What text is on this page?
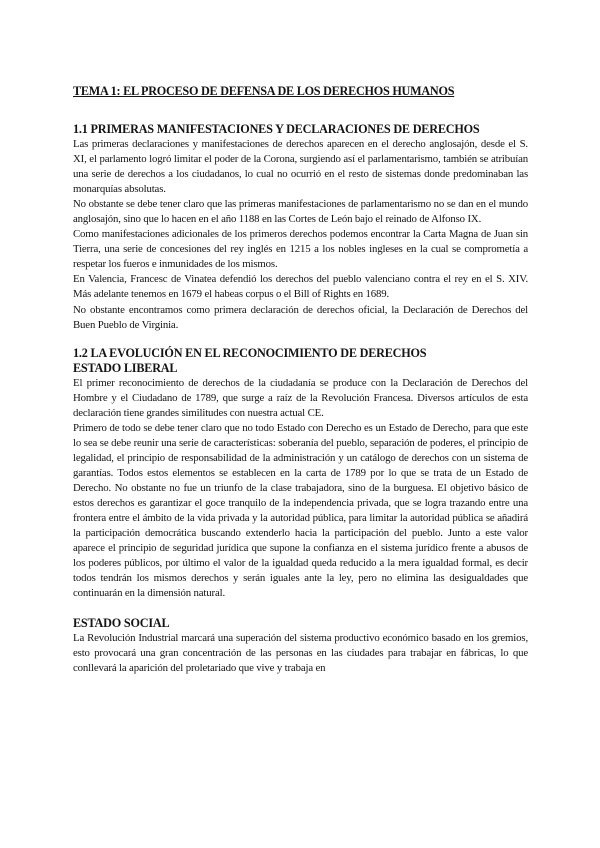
TEMA 1: EL PROCESO DE DEFENSA DE LOS DERECHOS HUMANOS
1.1 PRIMERAS MANIFESTACIONES Y DECLARACIONES DE DERECHOS

Las primeras declaraciones y manifestaciones de derechos aparecen en el derecho anglosajón, desde el S. XI, el parlamento logró limitar el poder de la Corona, surgiendo así el parlamentarismo, también se atribuían una serie de derechos a los ciudadanos, lo cual no ocurrió en el resto de sistemas donde predominaban las monarquías absolutas.

No obstante se debe tener claro que las primeras manifestaciones de parlamentarismo no se dan en el mundo anglosajón, sino que lo hacen en el año 1188 en las Cortes de León bajo el reinado de Alfonso IX.

Como manifestaciones adicionales de los primeros derechos podemos encontrar la Carta Magna de Juan sin Tierra, una serie de concesiones del rey inglés en 1215 a los nobles ingleses en la cual se comprometía a respetar los fueros e inmunidades de los mismos.

En Valencia, Francesc de Vinatea defendió los derechos del pueblo valenciano contra el rey en el S. XIV. Más adelante tenemos en 1679 el habeas corpus o el Bill of Rights en 1689.

No obstante encontramos como primera declaración de derechos oficial, la Declaración de Derechos del Buen Pueblo de Virginia.

1.2 LA EVOLUCIÓN EN EL RECONOCIMIENTO DE DERECHOS
ESTADO LIBERAL

El primer reconocimiento de derechos de la ciudadanía se produce con la Declaración de Derechos del Hombre y el Ciudadano de 1789, que surge a raíz de la Revolución Francesa. Diversos artículos de esta declaración tiene grandes similitudes con nuestra actual CE.

Primero de todo se debe tener claro que no todo Estado con Derecho es un Estado de Derecho, para que este lo sea se debe reunir una serie de características: soberanía del pueblo, separación de poderes, el principio de legalidad, el principio de responsabilidad de la administración y un catálogo de derechos con un sistema de garantías. Todos estos elementos se establecen en la carta de 1789 por lo que se trata de un Estado de Derecho. No obstante no fue un triunfo de la clase trabajadora, sino de la burguesa. El objetivo básico de estos derechos es garantizar el goce tranquilo de la independencia privada, que se logra trazando entre una frontera entre el ámbito de la vida privada y la autoridad pública, para limitar la autoridad pública se añadirá la participación democrática buscando extenderlo hacia la participación del pueblo. Junto a este valor aparece el principio de seguridad jurídica que supone la confianza en el sistema jurídico frente a abusos de los poderes públicos, por último el valor de la igualdad queda reducido a la mera igualdad formal, es decir todos tendrán los mismos derechos y serán iguales ante la ley, pero no elimina las desigualdades que continuarán en la dimensión natural.

ESTADO SOCIAL

La Revolución Industrial marcará una superación del sistema productivo económico basado en los gremios, esto provocará una gran concentración de las personas en las ciudades para trabajar en fábricas, lo que conllevará la aparición del proletariado que vive y trabaja en
